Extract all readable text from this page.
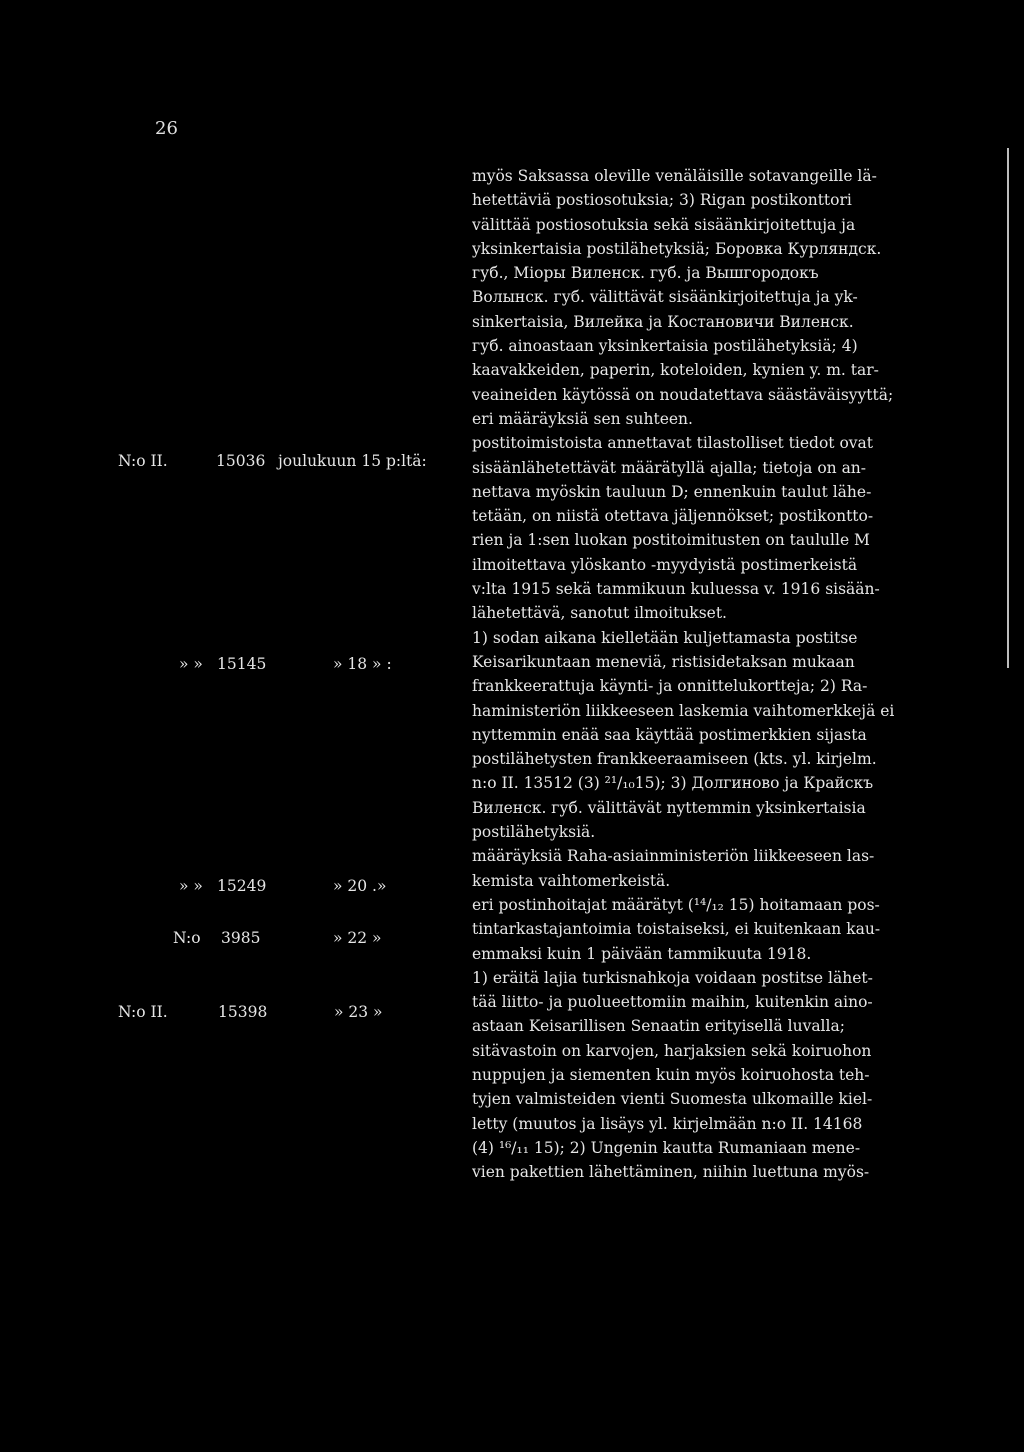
26
N:o II.	15036 joulukuun 15 p:ltä:
» » 15145	» 18 » :
» » 15249	» 20 .»
N:o 3985	» 22 »
N:o II.	15398	» 23 »
myös Saksassa oleville venäläisille sotavangeille lä-
hetettäviä postiosotuksia; 3) Rigan postikonttori
välittää postiosotuksia sekä sisäänkirjoitettuja ja
yksinkertaisia postilähetyksiä; Боровка Курляндск.
губ., Мiоры Виленск. губ. ja Вышгородокъ
Волынск. губ. välittävät sisäänkirjoitettuja ja yk-
sinkertaisia, Вилейка ja Костановичи Виленск.
губ. ainoastaan yksinkertaisia postilähetyksiä; 4)
kaavakkeiden, paperin, koteloiden, kynien y. m. tar-
veaineiden käytössä on noudatettava säästäväisyyttä;
eri määräyksiä sen suhteen.
postitoimistoista annettavat tilastolliset tiedot ovat
sisäänlähetettävät määrätyllä ajalla; tietoja on an-
nettava myöskin tauluun D; ennenkuin taulut lähe-
tetään, on niistä otettava jäljennökset; postikontto-
rien ja 1:sen luokan postitoimitusten on taululle M
ilmoitettava ylöskanto -myydyistä postimerkeistä
v:lta 1915 sekä tammikuun kuluessa v. 1916 sisään-
lähetettävä, sanotut ilmoitukset.
1) sodan aikana kielletään kuljettamasta postitse
Keisarikuntaan meneviä, ristisidetaksan mukaan
frankkeerattuja käynti- ja onnittelukortteja; 2) Ra-
haministeriön liikkeeseen laskemia vaihtomerkkejä ei
nyttemmin enää saa käyttää postimerkkien sijasta
postilähetysten frankkeeraamiseen (kts. yl. kirjelm.
n:o II. 13512 (3) ²¹/₁₀15); 3) Долгиново ja Крайскъ
Виленск. губ. välittävät nyttemmin yksinkertaisia
postilähetyksiä.
määräyksiä Raha-asiainministeriön liikkeeseen las-
kemista vaihtomerkeistä.
eri postinhoitajat määrätyt (¹⁴/₁₂ 15) hoitamaan pos-
tintarkastajantoimia toistaiseksi, ei kuitenkaan kau-
emmaksi kuin 1 päivään tammikuuta 1918.
1) eräitä lajia turkisnahkoja voidaan postitse lähet-
tää liitto- ja puolueettomiin maihin, kuitenkin aino-
astaan Keisarillisen Senaatin erityisellä luvalla;
sitävastoin on karvojen, harjaksien sekä koiruohon
nuppujen ja siementen kuin myös koiruohosta teh-
tyjen valmisteiden vienti Suomesta ulkomaille kiel-
letty (muutos ja lisäys yl. kirjelmään n:o II. 14168
(4) ¹⁶/₁₁ 15); 2) Ungenin kautta Rumaniaan mene-
vien pakettien lähettäminen, niihin luettuna myös-
